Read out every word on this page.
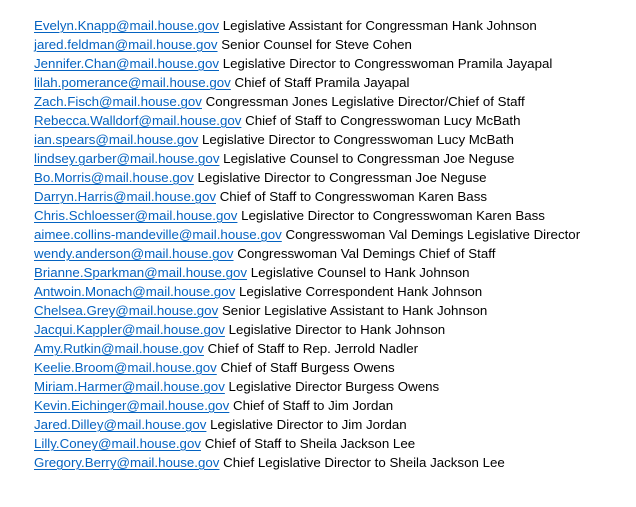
Evelyn.Knapp@mail.house.gov Legislative Assistant for Congressman Hank Johnson
jared.feldman@mail.house.gov Senior Counsel for Steve Cohen
Jennifer.Chan@mail.house.gov Legislative Director to Congresswoman Pramila Jayapal
lilah.pomerance@mail.house.gov Chief of Staff Pramila Jayapal
Zach.Fisch@mail.house.gov Congressman Jones Legislative Director/Chief of Staff
Rebecca.Walldorf@mail.house.gov Chief of Staff to Congresswoman Lucy McBath
ian.spears@mail.house.gov Legislative Director to Congresswoman Lucy McBath
lindsey.garber@mail.house.gov Legislative Counsel to Congressman Joe Neguse
Bo.Morris@mail.house.gov Legislative Director to Congressman Joe Neguse
Darryn.Harris@mail.house.gov Chief of Staff to Congresswoman Karen Bass
Chris.Schloesser@mail.house.gov Legislative Director to Congresswoman Karen Bass
aimee.collins-mandeville@mail.house.gov Congresswoman Val Demings Legislative Director
wendy.anderson@mail.house.gov Congresswoman Val Demings Chief of Staff
Brianne.Sparkman@mail.house.gov Legislative Counsel to Hank Johnson
Antwoin.Monach@mail.house.gov Legislative Correspondent Hank Johnson
Chelsea.Grey@mail.house.gov Senior Legislative Assistant to Hank Johnson
Jacqui.Kappler@mail.house.gov Legislative Director to Hank Johnson
Amy.Rutkin@mail.house.gov Chief of Staff to Rep. Jerrold Nadler
Keelie.Broom@mail.house.gov Chief of Staff Burgess Owens
Miriam.Harmer@mail.house.gov Legislative Director Burgess Owens
Kevin.Eichinger@mail.house.gov Chief of Staff to Jim Jordan
Jared.Dilley@mail.house.gov Legislative Director to Jim Jordan
Lilly.Coney@mail.house.gov Chief of Staff to Sheila Jackson Lee
Gregory.Berry@mail.house.gov Chief Legislative Director to Sheila Jackson Lee
